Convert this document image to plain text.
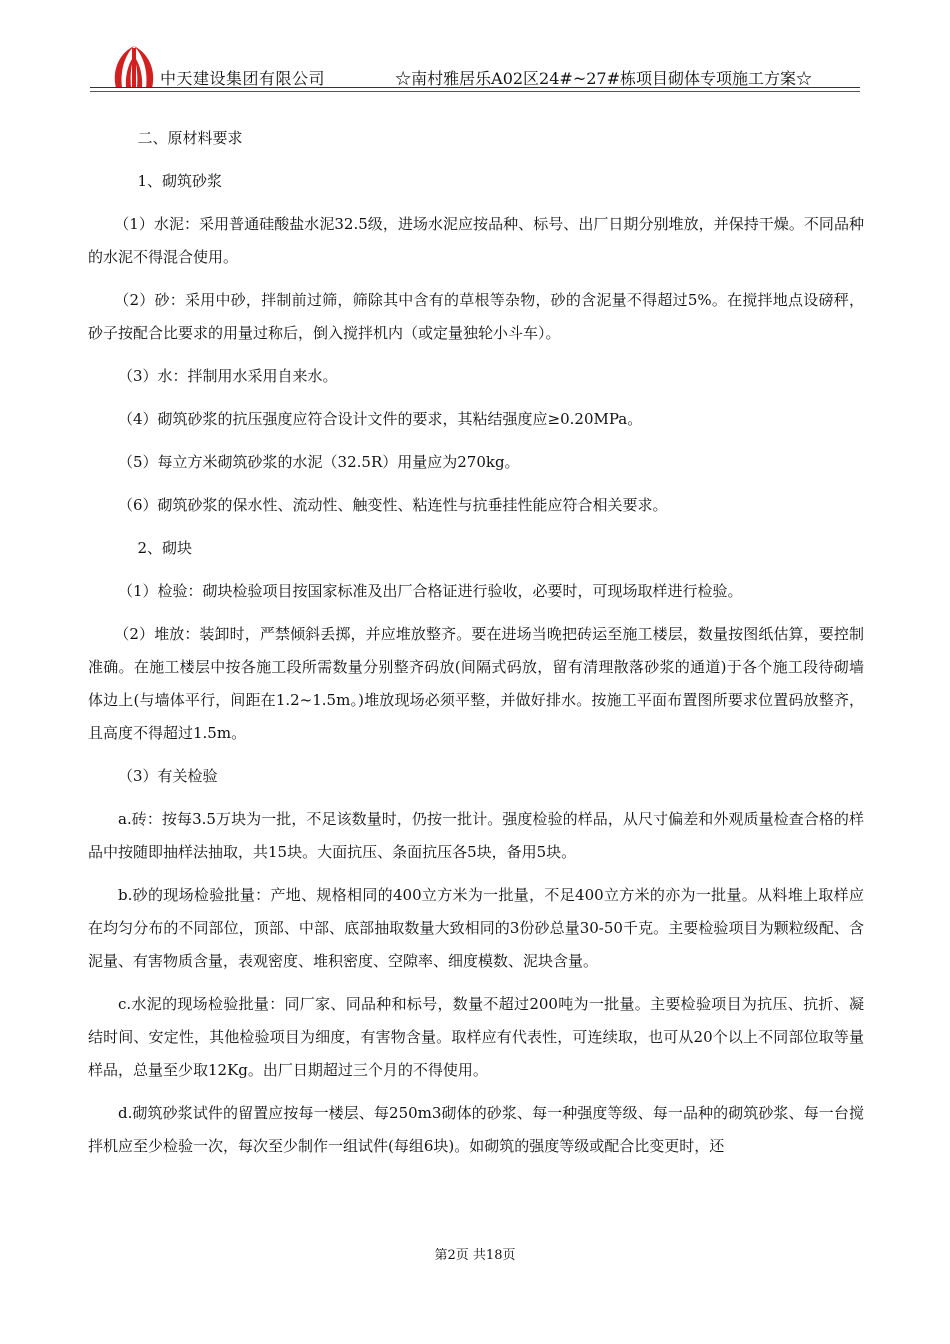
中天建设集团有限公司	☆南村雅居乐A02区24#~27#栋项目砌体专项施工方案☆

二、原材料要求

1、砌筑砂浆

（1）水泥：采用普通硅酸盐水泥32.5级，进场水泥应按品种、标号、出厂日期分别堆放，并保持干燥。不同品种的水泥不得混合使用。

（2）砂：采用中砂，拌制前过筛，筛除其中含有的草根等杂物，砂的含泥量不得超过5%。在搅拌地点设磅秤，砂子按配合比要求的用量过称后，倒入搅拌机内（或定量独轮小斗车）。

（3）水：拌制用水采用自来水。

（4）砌筑砂浆的抗压强度应符合设计文件的要求，其粘结强度应≥0.20MPa。

（5）每立方米砌筑砂浆的水泥（32.5R）用量应为270kg。

（6）砌筑砂浆的保水性、流动性、触变性、粘连性与抗垂挂性能应符合相关要求。

2、砌块

（1）检验：砌块检验项目按国家标准及出厂合格证进行验收，必要时，可现场取样进行检验。

（2）堆放：装卸时，严禁倾斜丢掷，并应堆放整齐。要在进场当晚把砖运至施工楼层，数量按图纸估算，要控制准确。在施工楼层中按各施工段所需数量分别整齐码放(间隔式码放，留有清理散落砂浆的通道)于各个施工段待砌墙体边上(与墙体平行，间距在1.2~1.5m。)堆放现场必须平整，并做好排水。按施工平面布置图所要求位置码放整齐，且高度不得超过1.5m。

（3）有关检验

a.砖：按每3.5万块为一批，不足该数量时，仍按一批计。强度检验的样品，从尺寸偏差和外观质量检查合格的样品中按随即抽样法抽取，共15块。大面抗压、条面抗压各5块，备用5块。

b.砂的现场检验批量：产地、规格相同的400立方米为一批量，不足400立方米的亦为一批量。从料堆上取样应在均匀分布的不同部位，顶部、中部、底部抽取数量大致相同的3份砂总量30-50千克。主要检验项目为颗粒级配、含泥量、有害物质含量，表观密度、堆积密度、空隙率、细度模数、泥块含量。

c.水泥的现场检验批量：同厂家、同品种和标号，数量不超过200吨为一批量。主要检验项目为抗压、抗折、凝结时间、安定性，其他检验项目为细度，有害物含量。取样应有代表性，可连续取，也可从20个以上不同部位取等量样品，总量至少取12Kg。出厂日期超过三个月的不得使用。

d.砌筑砂浆试件的留置应按每一楼层、每250m3砌体的砂浆、每一种强度等级、每一品种的砌筑砂浆、每一台搅拌机应至少检验一次，每次至少制作一组试件(每组6块)。如砌筑的强度等级或配合比变更时，还

第2页 共18页
